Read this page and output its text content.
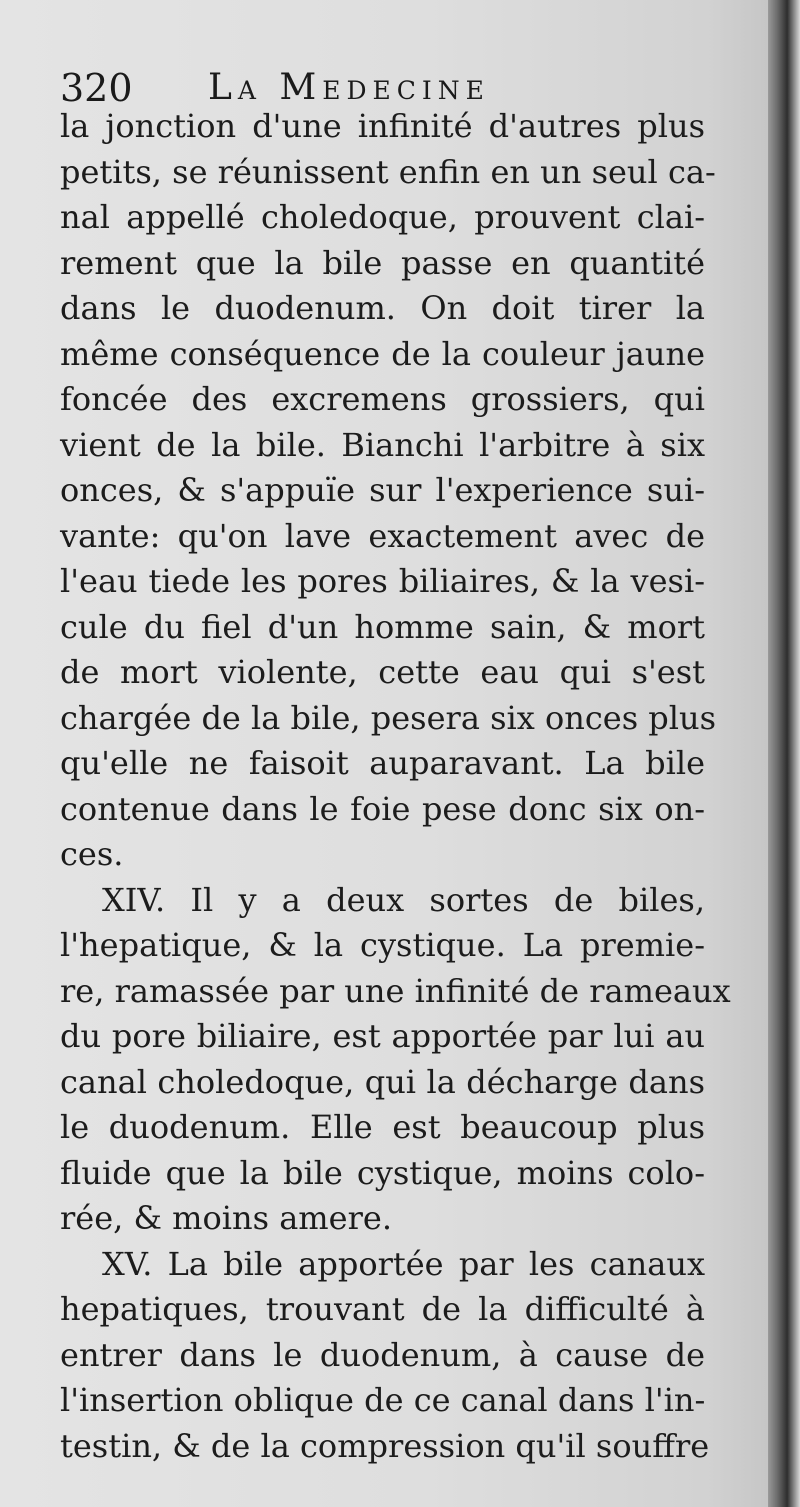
320 La Medecine
la jonction d'une infinité d'autres plus
petits, se réunissent enfin en un seul ca-
nal appellé choledoque, prouvent clai-
rement que la bile passe en quantité
dans le duodenum. On doit tirer la
même conséquence de la couleur jaune
foncée des excremens grossiers, qui
vient de la bile. Bianchi l'arbitre à six
onces, & s'appuïe sur l'experience sui-
vante: qu'on lave exactement avec de
l'eau tiede les pores biliaires, & la vesi-
cule du fiel d'un homme sain, & mort
de mort violente, cette eau qui s'est
chargée de la bile, pesera six onces plus
qu'elle ne faisoit auparavant. La bile
contenue dans le foie pese donc six on-
ces.
XIV. Il y a deux sortes de biles,
l'hepatique, & la cystique. La premie-
re, ramassée par une infinité de rameaux
du pore biliaire, est apportée par lui au
canal choledoque, qui la décharge dans
le duodenum. Elle est beaucoup plus
fluide que la bile cystique, moins colo-
rée, & moins amere.
XV. La bile apportée par les canaux
hepatiques, trouvant de la difficulté à
entrer dans le duodenum, à cause de
l'insertion oblique de ce canal dans l'in-
testin, & de la compression qu'il souffre
